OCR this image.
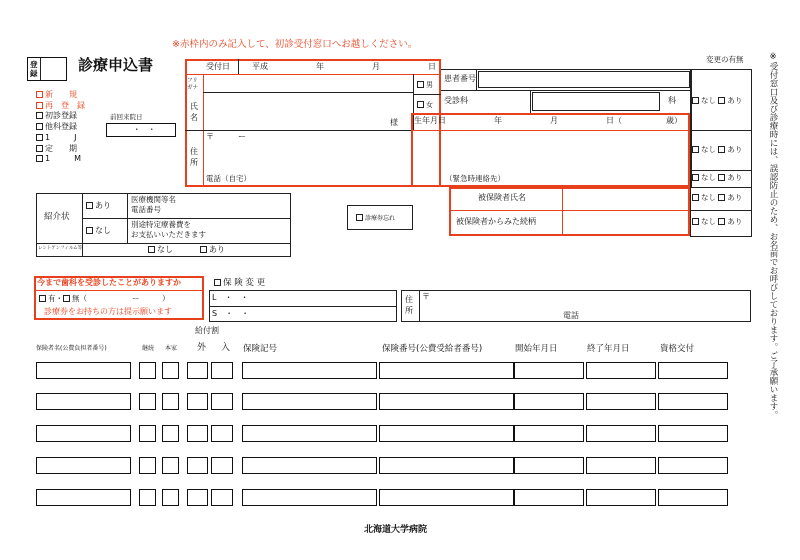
※赤枠内のみ記入して、初診受付窓口へお越しください。
登
録	診療申込書	変更の有無	※受付窓口及び診療時には、誤認防止のため、お名前でお呼びしております。ご了承願います。
新　　規
再　登　録
初診登録
他科登録
1　　　J
定　　期
1　　　M
前回来院日
・　・
患者番号
受診科	科
受付日	平成	年	月	日
フリガナ
氏
名
様
男
女
住
所
〒　　　ー
電話（自宅）	（緊急時連絡先）
生年月日	年	月	日（	歳）
なし あり
なし あり
なし あり
なし あり
なし あり
被保険者氏名
被保険者からみた続柄
紹介状
あり
なし
医療機関等名
電話番号
別途特定療養費を
お支払いいただきます
レントゲンフィルム等	なし	あり
診療券忘れ
今まで歯科を受診したことがありますか
有・ 無（　　　　　　ー　　　）
診療券をお持ちの方は提示願います
保 険 変 更
L　・　・
S　・　・
住
所
〒
電話
給付割
保険者名(公費負担者番号)	継続 本家 外 入 保険記号	保険番号(公費受給者番号)	開始年月日	終了年月日	資格交付
北海道大学病院
